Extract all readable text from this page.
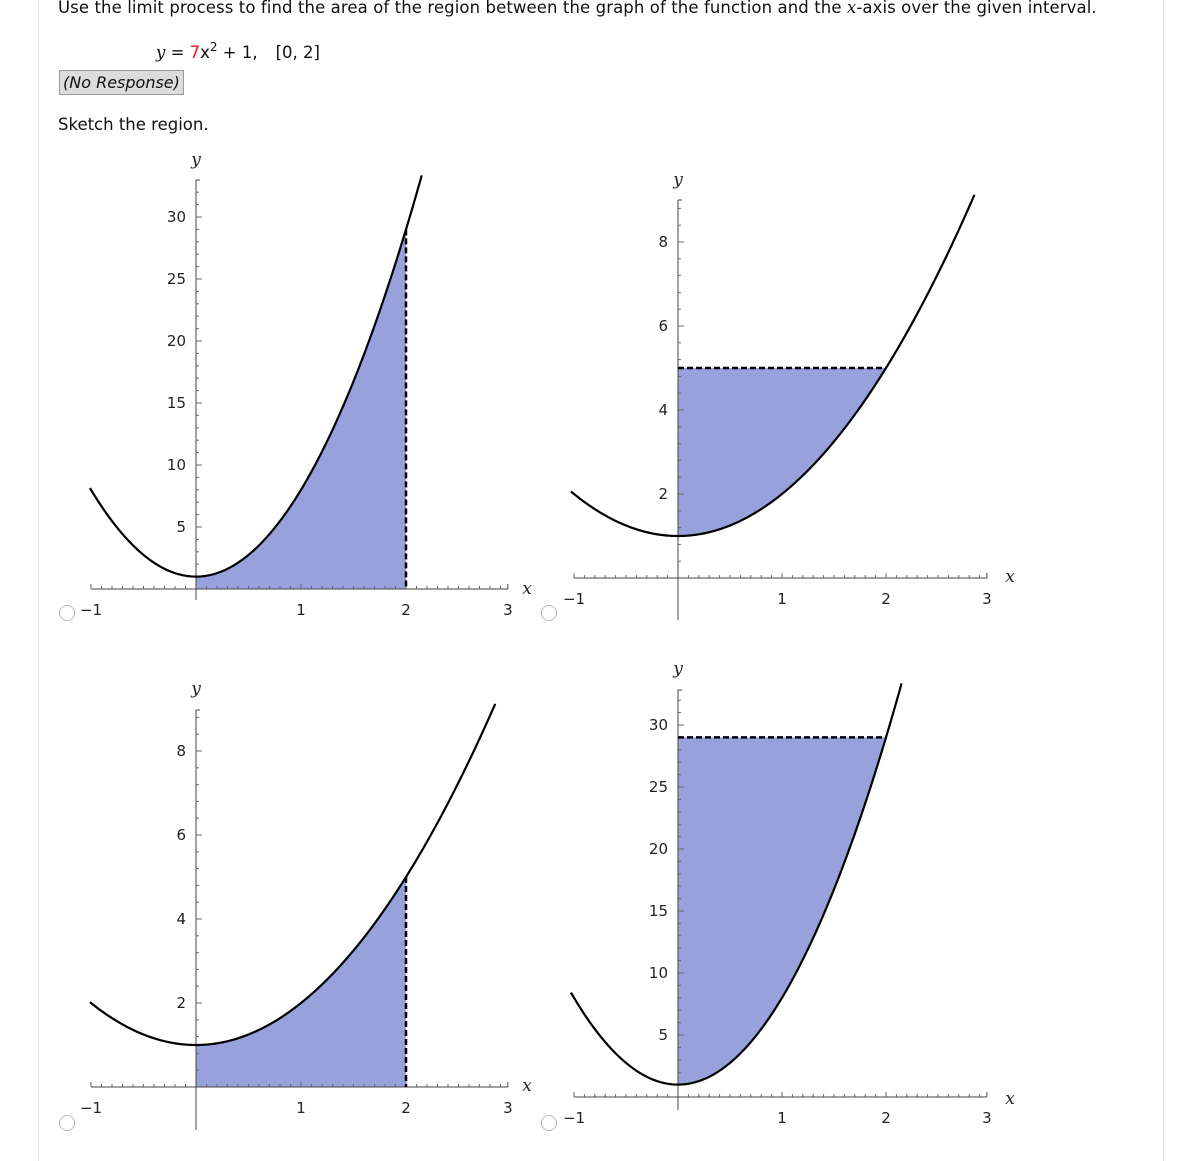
Use the limit process to find the area of the region between the graph of the function and the x-axis over the given interval.
$y = 7x^2 + 1$, [0, 2]
(No Response)
Sketch the region.
−1	1	2	3
5
10
15
20
25
30
x
y
−1	1	2	3
2
4
6
8
x
y
−1	1	2	3
2
4
6
8
x
y
−1	1	2	3
5
10
15
20
25
30
x
y
